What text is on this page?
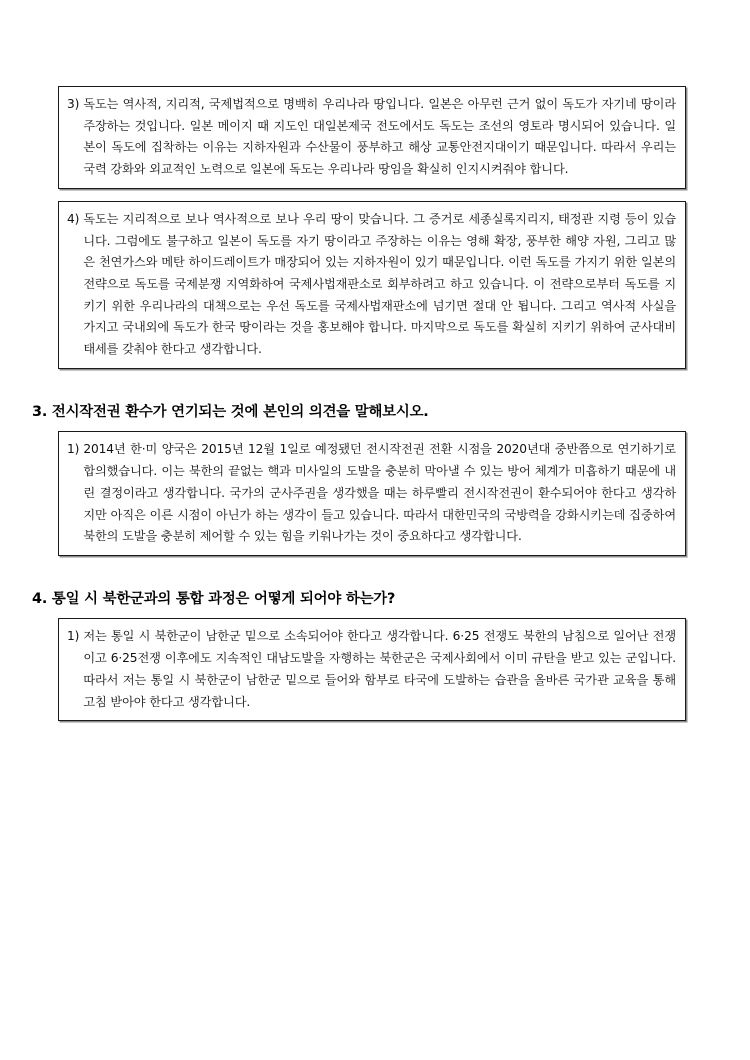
3) 독도는 역사적, 지리적, 국제법적으로 명백히 우리나라 땅입니다. 일본은 아무런 근거 없이 독도가 자기네 땅이라 주장하는 것입니다. 일본 메이지 때 지도인 대일본제국 전도에서도 독도는 조선의 영토라 명시되어 있습니다. 일본이 독도에 집착하는 이유는 지하자원과 수산물이 풍부하고 해상 교통안전지대이기 때문입니다. 따라서 우리는 국력 강화와 외교적인 노력으로 일본에 독도는 우리나라 땅임을 확실히 인지시켜줘야 합니다.
4) 독도는 지리적으로 보나 역사적으로 보나 우리 땅이 맞습니다. 그 증거로 세종실록지리지, 태정관 지령 등이 있습니다. 그럼에도 불구하고 일본이 독도를 자기 땅이라고 주장하는 이유는 영해 확장, 풍부한 해양 자원, 그리고 많은 천연가스와 메탄 하이드레이트가 매장되어 있는 지하자원이 있기 때문입니다. 이런 독도를 가지기 위한 일본의 전략으로 독도를 국제분쟁 지역화하여 국제사법재판소로 회부하려고 하고 있습니다. 이 전략으로부터 독도를 지키기 위한 우리나라의 대책으로는 우선 독도를 국제사법재판소에 넘기면 절대 안 됩니다. 그리고 역사적 사실을 가지고 국내외에 독도가 한국 땅이라는 것을 홍보해야 합니다. 마지막으로 독도를 확실히 지키기 위하여 군사대비태세를 갖춰야 한다고 생각합니다.
3. 전시작전권 환수가 연기되는 것에 본인의 의견을 말해보시오.
1) 2014년 한·미 양국은 2015년 12월 1일로 예정됐던 전시작전권 전환 시점을 2020년대 중반쯤으로 연기하기로 합의했습니다. 이는 북한의 끝없는 핵과 미사일의 도발을 충분히 막아낼 수 있는 방어 체계가 미흡하기 때문에 내린 결정이라고 생각합니다. 국가의 군사주권을 생각했을 때는 하루빨리 전시작전권이 환수되어야 한다고 생각하지만 아직은 이른 시점이 아닌가 하는 생각이 들고 있습니다. 따라서 대한민국의 국방력을 강화시키는데 집중하여 북한의 도발을 충분히 제어할 수 있는 힘을 키워나가는 것이 중요하다고 생각합니다.
4. 통일 시 북한군과의 통합 과정은 어떻게 되어야 하는가?
1) 저는 통일 시 북한군이 남한군 밑으로 소속되어야 한다고 생각합니다. 6·25 전쟁도 북한의 남침으로 일어난 전쟁이고 6·25전쟁 이후에도 지속적인 대남도발을 자행하는 북한군은 국제사회에서 이미 규탄을 받고 있는 군입니다. 따라서 저는 통일 시 북한군이 남한군 밑으로 들어와 함부로 타국에 도발하는 습관을 올바른 국가관 교육을 통해 고침 받아야 한다고 생각합니다.
